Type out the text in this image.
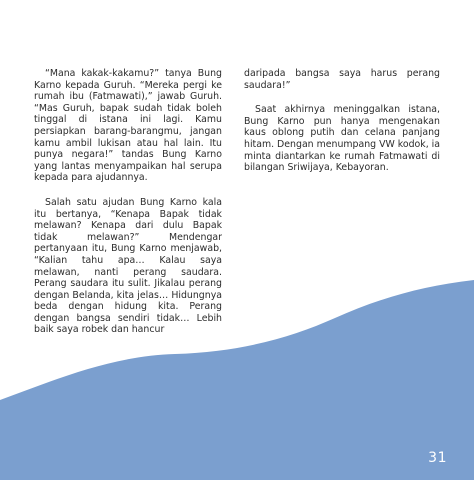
“Mana kakak-kakamu?” tanya Bung Karno kepada Guruh. “Mereka pergi ke rumah ibu (Fatmawati),” jawab Guruh. “Mas Guruh, bapak sudah tidak boleh tinggal di istana ini lagi. Kamu persiapkan barang-barangmu, jangan kamu ambil lukisan atau hal lain. Itu punya negara!” tandas Bung Karno yang lantas menyampaikan hal serupa kepada para ajudannya.

Salah satu ajudan Bung Karno kala itu bertanya, “Kenapa Bapak tidak melawan? Kenapa dari dulu Bapak tidak melawan?” Mendengar pertanyaan itu, Bung Karno menjawab, “Kalian tahu apa… Kalau saya melawan, nanti perang saudara. Perang saudara itu sulit. Jikalau perang dengan Belanda, kita jelas… Hidungnya beda dengan hidung kita. Perang dengan bangsa sendiri tidak… Lebih baik saya robek dan hancur

daripada bangsa saya harus perang saudara!”

Saat akhirnya meninggalkan istana, Bung Karno pun hanya mengenakan kaus oblong putih dan celana panjang hitam. Dengan menumpang VW kodok, ia minta diantarkan ke rumah Fatmawati di bilangan Sriwijaya, Kebayoran.

31
